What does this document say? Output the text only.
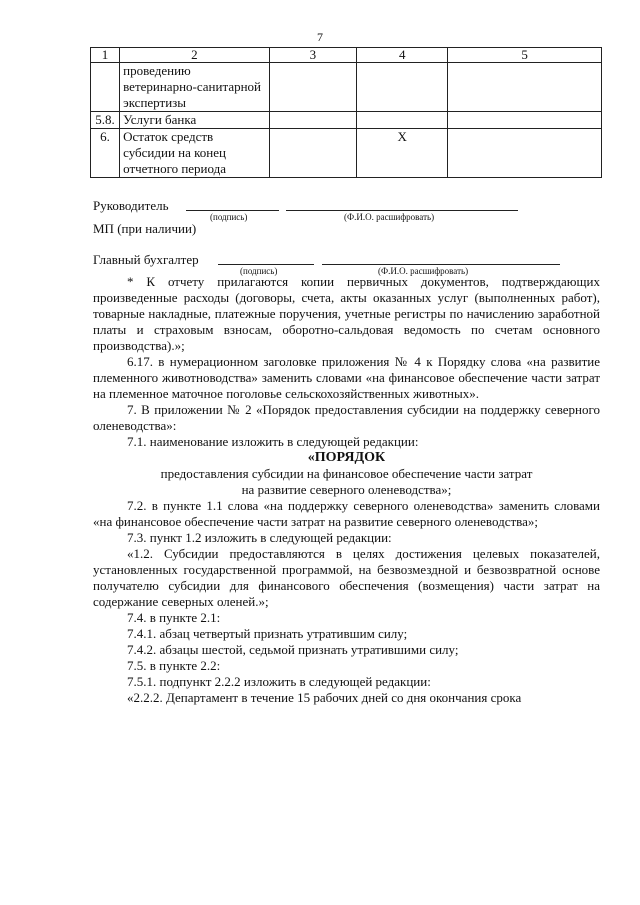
7
1	2	3	4	5
	проведению ветеринарно-санитарной экспертизы			
5.8.	Услуги банка			
6.	Остаток средств субсидии на конец отчетного периода		X	
Руководитель
(подпись)	(Ф.И.О. расшифровать)
МП (при наличии)
Главный бухгалтер
(подпись)	(Ф.И.О. расшифровать)

* К отчету прилагаются копии первичных документов, подтверждающих произведенные расходы (договоры, счета, акты оказанных услуг (выполненных работ), товарные накладные, платежные поручения, учетные регистры по начислению заработной платы и страховым взносам, оборотно-сальдовая ведомость по счетам основного производства).»;

6.17. в нумерационном заголовке приложения № 4 к Порядку слова «на развитие племенного животноводства» заменить словами «на финансовое обеспечение части затрат на племенное маточное поголовье сельскохозяйственных животных».

7. В приложении № 2 «Порядок предоставления субсидии на поддержку северного оленеводства»:

7.1. наименование изложить в следующей редакции:

«ПОРЯДОК

предоставления субсидии на финансовое обеспечение части затрат

на развитие северного оленеводства»;

7.2. в пункте 1.1 слова «на поддержку северного оленеводства» заменить словами «на финансовое обеспечение части затрат на развитие северного оленеводства»;

7.3. пункт 1.2 изложить в следующей редакции:

«1.2. Субсидии предоставляются в целях достижения целевых показателей, установленных государственной программой, на безвозмездной и безвозвратной основе получателю субсидии для финансового обеспечения (возмещения) части затрат на содержание северных оленей.»;

7.4. в пункте 2.1:

7.4.1. абзац четвертый признать утратившим силу;

7.4.2. абзацы шестой, седьмой признать утратившими силу;

7.5. в пункте 2.2:

7.5.1. подпункт 2.2.2 изложить в следующей редакции:

«2.2.2. Департамент в течение 15 рабочих дней со дня окончания срока
